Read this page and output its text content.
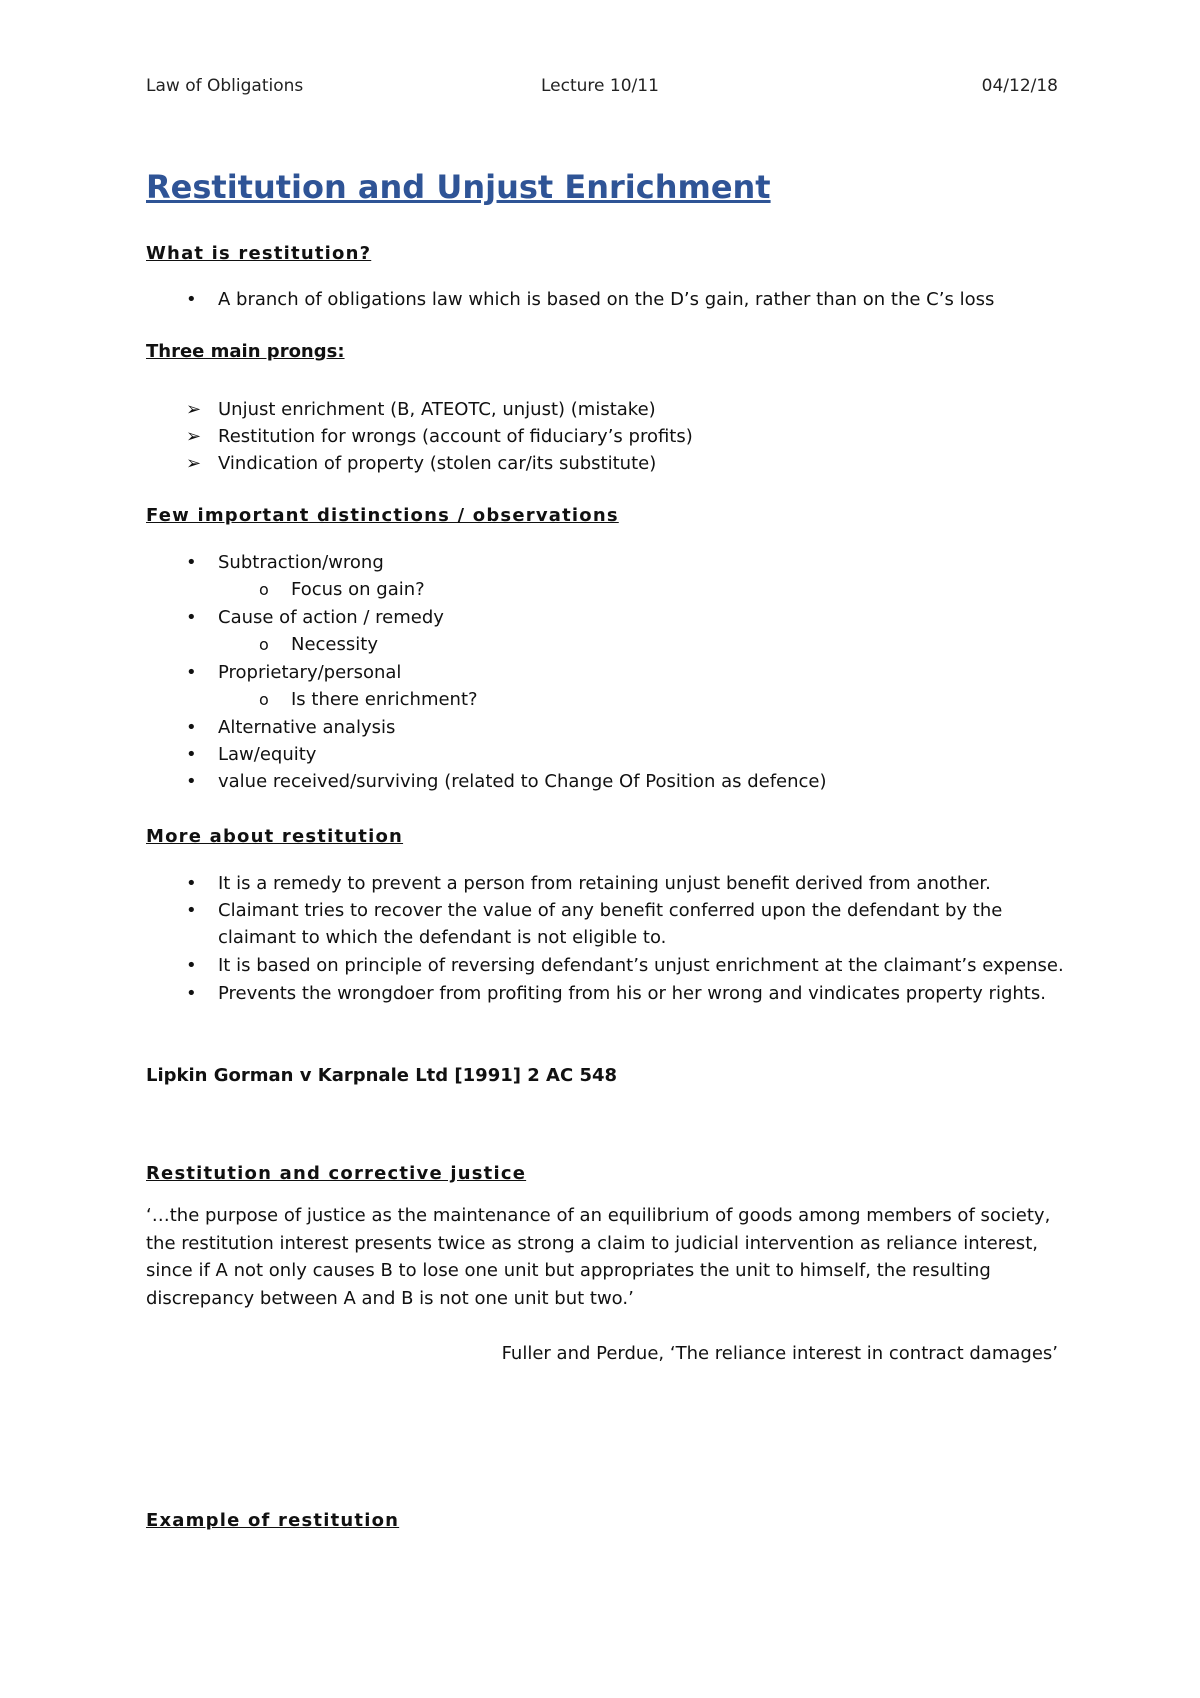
Law of Obligations	Lecture 10/11	04/12/18
Restitution and Unjust Enrichment
What is restitution?
• A branch of obligations law which is based on the D’s gain, rather than on the C’s loss
Three main prongs:
➢ Unjust enrichment (B, ATEOTC, unjust) (mistake)
➢ Restitution for wrongs (account of fiduciary’s profits)
➢ Vindication of property (stolen car/its substitute)
Few important distinctions / observations
• Subtraction/wrong
o Focus on gain?
• Cause of action / remedy
o Necessity
• Proprietary/personal
o Is there enrichment?
• Alternative analysis
• Law/equity
• value received/surviving (related to Change Of Position as defence)
More about restitution
• It is a remedy to prevent a person from retaining unjust benefit derived from another.
• Claimant tries to recover the value of any benefit conferred upon the defendant by the claimant to which the defendant is not eligible to.
• It is based on principle of reversing defendant’s unjust enrichment at the claimant’s expense.
• Prevents the wrongdoer from profiting from his or her wrong and vindicates property rights.

Lipkin Gorman v Karpnale Ltd [1991] 2 AC 548

Restitution and corrective justice

‘…the purpose of justice as the maintenance of an equilibrium of goods among members of society, the restitution interest presents twice as strong a claim to judicial intervention as reliance interest, since if A not only causes B to lose one unit but appropriates the unit to himself, the resulting discrepancy between A and B is not one unit but two.’

Fuller and Perdue, ‘The reliance interest in contract damages’
Example of restitution
